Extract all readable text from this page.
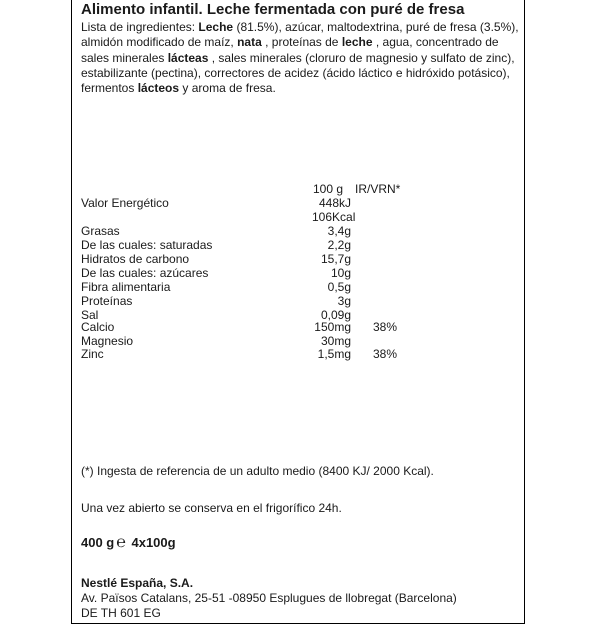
Alimento infantil. Leche fermentada con puré de fresa
Lista de ingredientes: Leche (81.5%), azúcar, maltodextrina, puré de fresa (3.5%), almidón modificado de maíz, nata , proteínas de leche , agua, concentrado de sales minerales lácteas , sales minerales (cloruro de magnesio y sulfato de zinc), estabilizante (pectina), correctores de acidez (ácido láctico e hidróxido potásico), fermentos lácteos y aroma de fresa.
100 g IR/VRN*
Valor Energético	448kJ
106Kcal
Grasas	3,4g
De las cuales: saturadas	2,2g
Hidratos de carbono	15,7g
De las cuales: azúcares	10g
Fibra alimentaria	0,5g
Proteínas	3g
Sal	0,09g
Calcio	150mg 38%
Magnesio	30mg
Zinc	1,5mg 38%
(*) Ingesta de referencia de un adulto medio (8400 KJ/ 2000 Kcal).
Una vez abierto se conserva en el frigorífico 24h.
400 g ℮ 4x100g
Nestlé España, S.A.
Av. Països Catalans, 25-51 -08950 Esplugues de llobregat (Barcelona)
DE TH 601 EG
